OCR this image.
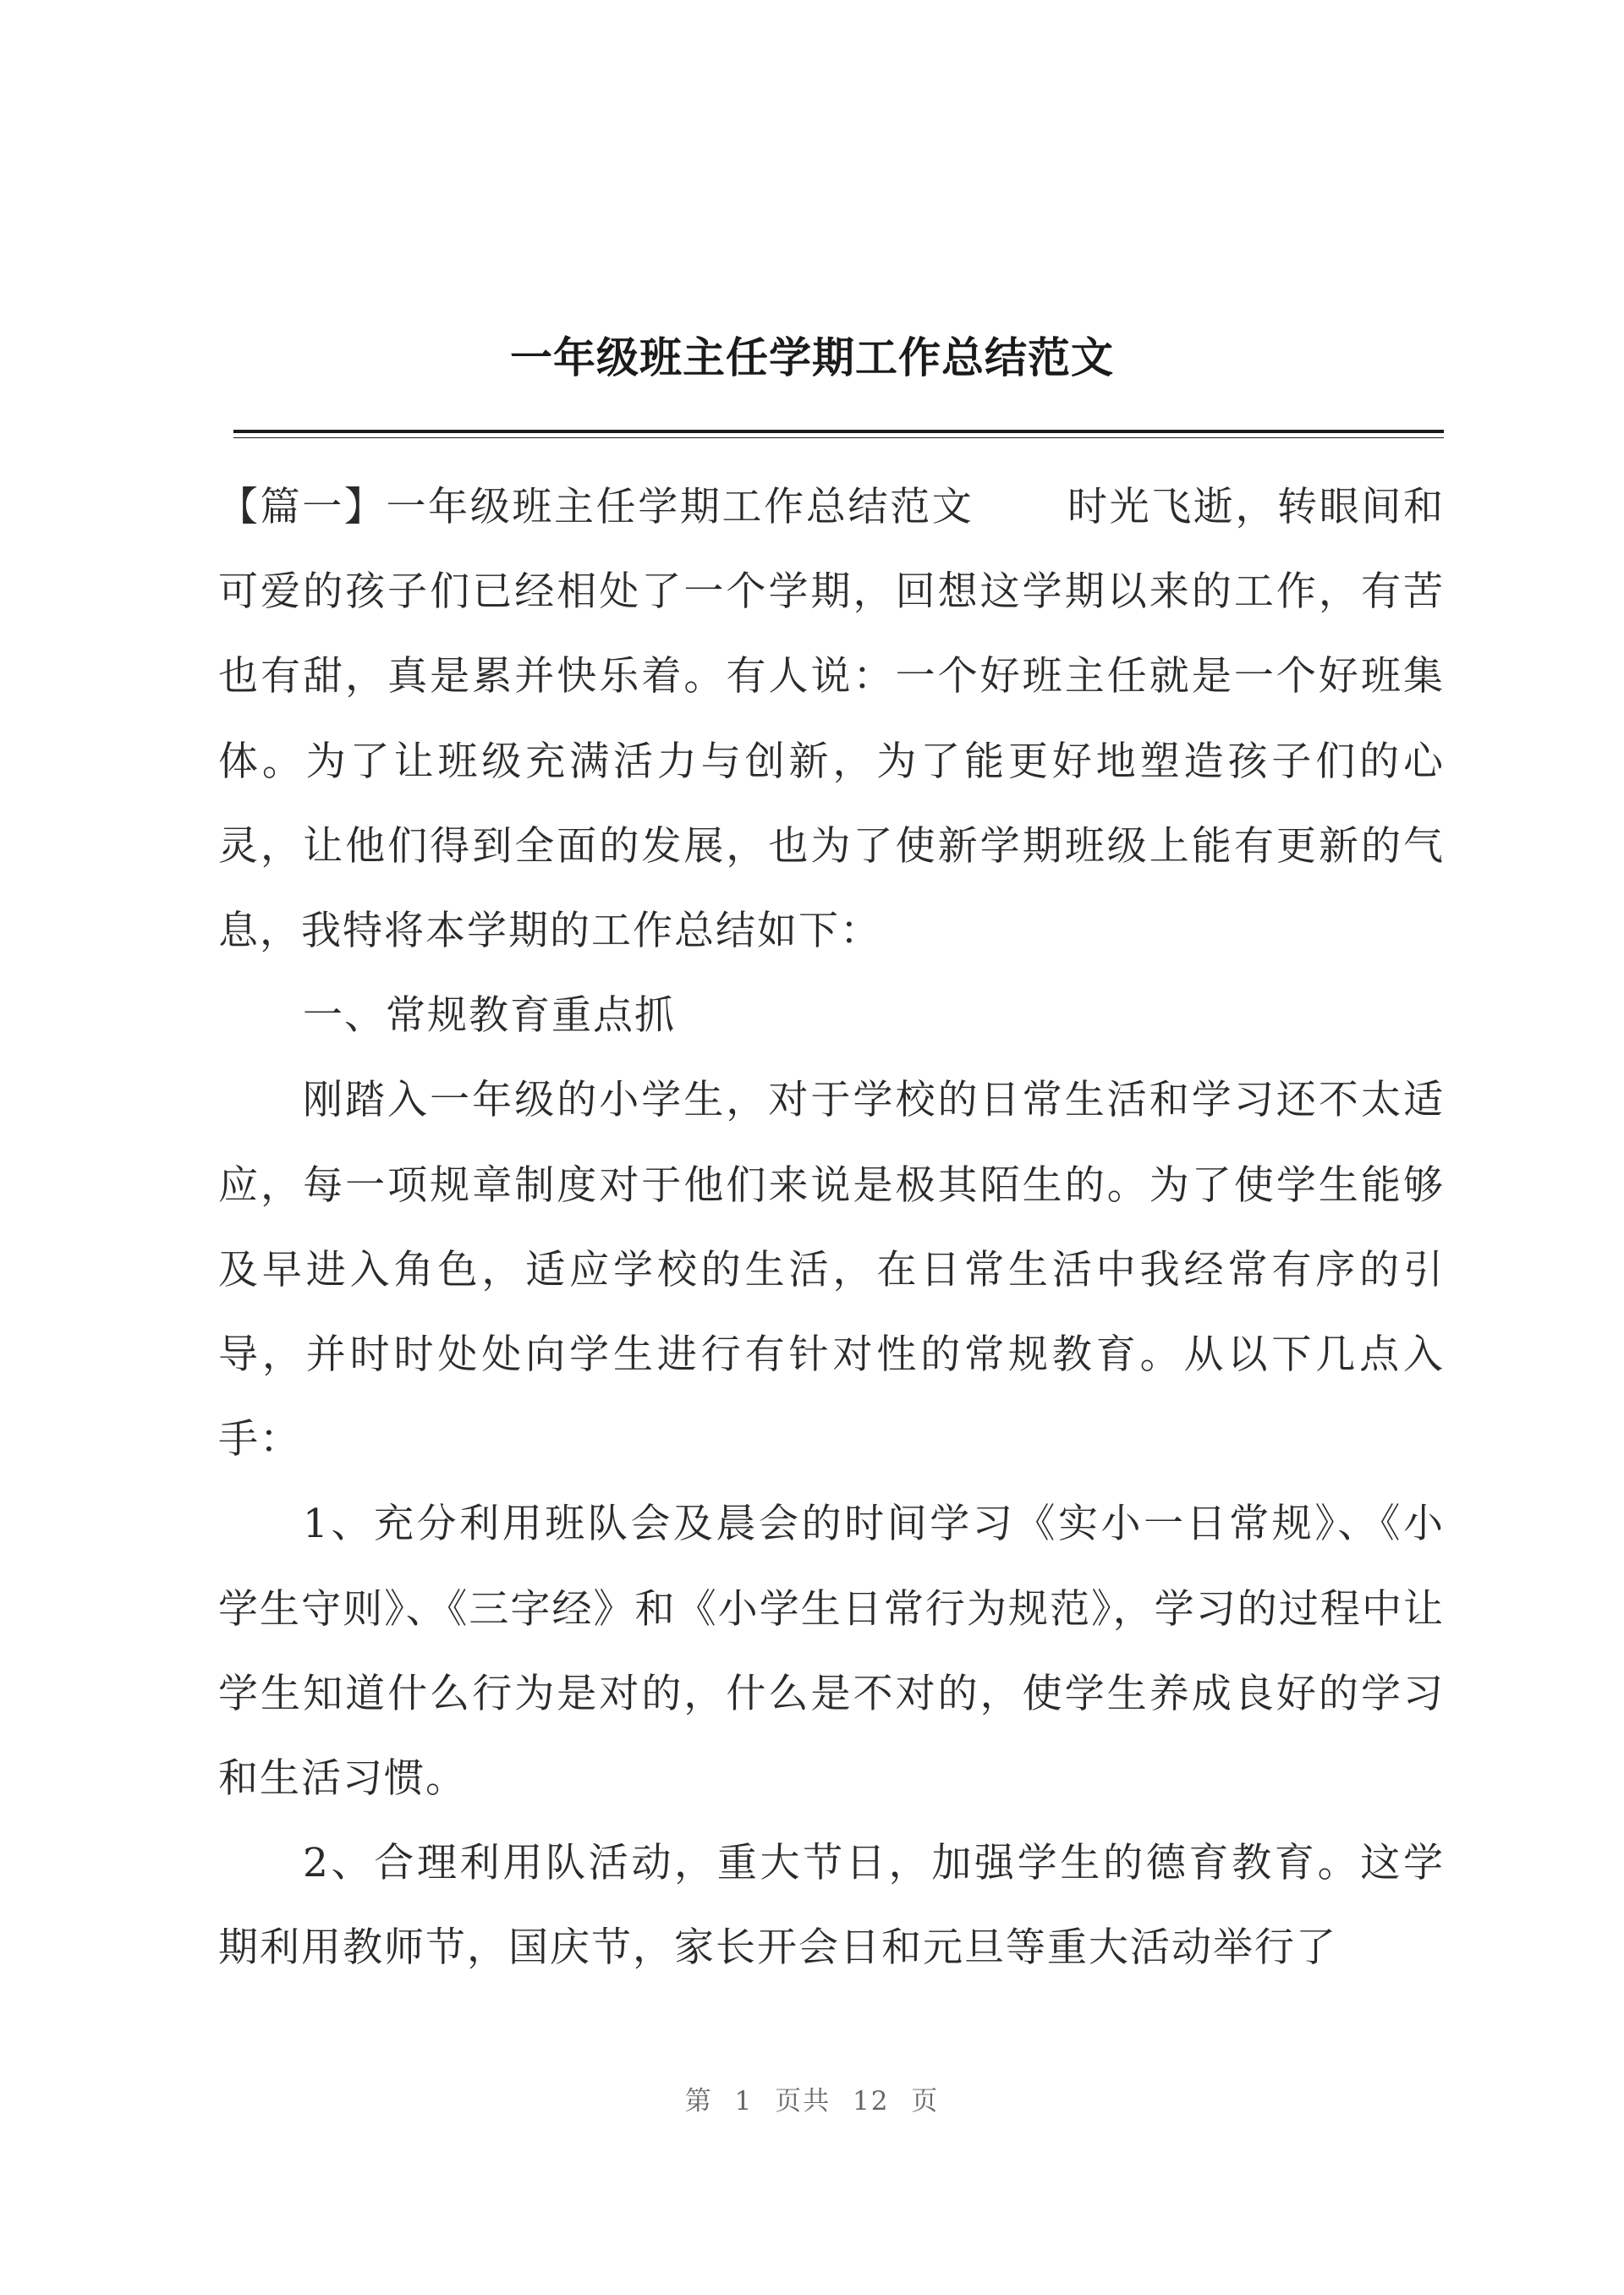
一年级班主任学期工作总结范文

【篇一】一年级班主任学期工作总结范文 时光飞逝，转眼间和可爱的孩子们已经相处了一个学期，回想这学期以来的工作，有苦也有甜，真是累并快乐着。有人说：一个好班主任就是一个好班集体。为了让班级充满活力与创新，为了能更好地塑造孩子们的心灵，让他们得到全面的发展，也为了使新学期班级上能有更新的气息，我特将本学期的工作总结如下：

一、常规教育重点抓

刚踏入一年级的小学生，对于学校的日常生活和学习还不太适应，每一项规章制度对于他们来说是极其陌生的。为了使学生能够及早进入角色，适应学校的生活，在日常生活中我经常有序的引导，并时时处处向学生进行有针对性的常规教育。从以下几点入手：

1、充分利用班队会及晨会的时间学习《实小一日常规》、《小学生守则》、《三字经》和《小学生日常行为规范》，学习的过程中让学生知道什么行为是对的，什么是不对的，使学生养成良好的学习和生活习惯。

2、合理利用队活动，重大节日，加强学生的德育教育。这学期利用教师节，国庆节，家长开会日和元旦等重大活动举行了

第 1 页共 12 页
